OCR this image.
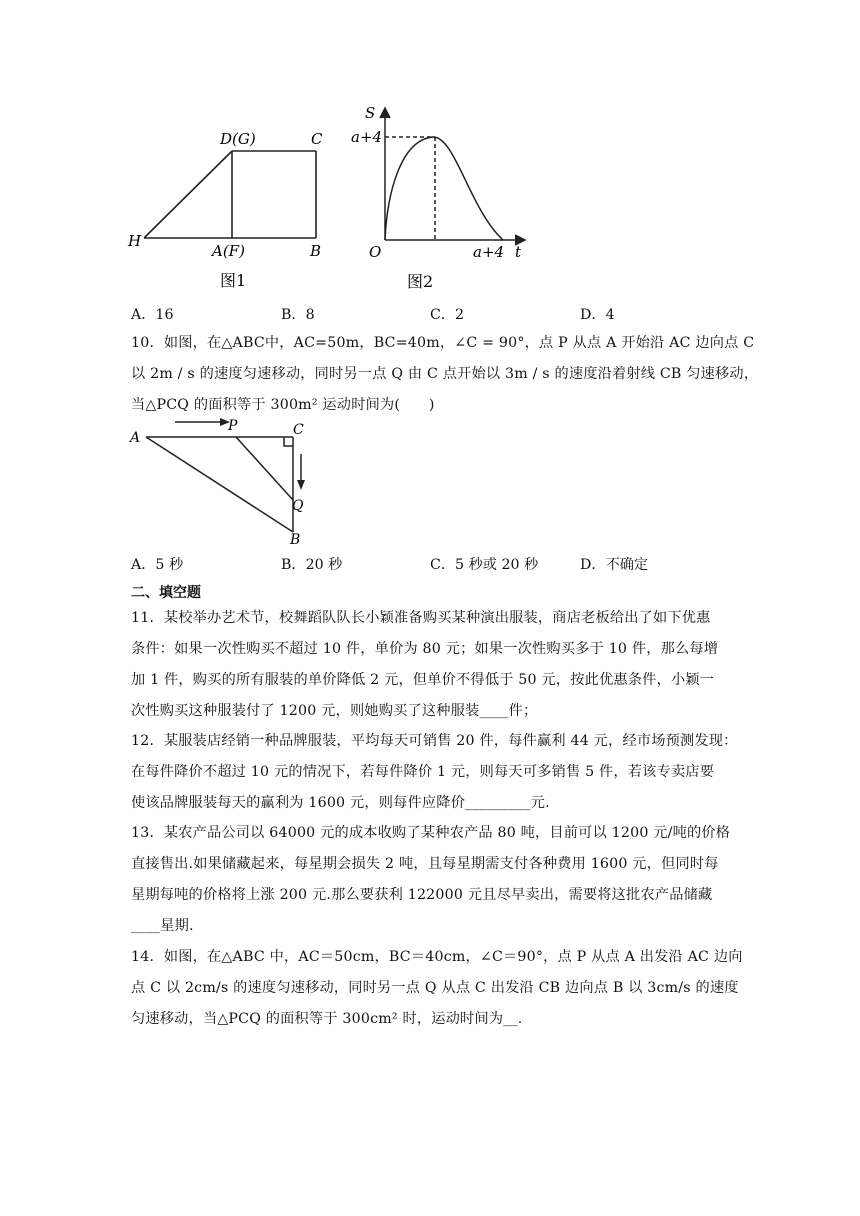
D(G)	C
H
A(F)	B
图1
S
a+4
O	a+4 t
图2
A．16	B．8	C．2	D．4
10．如图，在△ABC中，AC=50m，BC=40m，∠C = 90°，点 P 从点 A 开始沿 AC 边向点 C
以 2m / s 的速度匀速移动，同时另一点 Q 由 C 点开始以 3m / s 的速度沿着射线 CB 匀速移动，
当△PCQ 的面积等于 300m² 运动时间为(　　)
A
P	C
Q
B
A．5 秒	B．20 秒	C．5 秒或 20 秒	D．不确定
二、填空题
11．某校举办艺术节，校舞蹈队队长小颖准备购买某种演出服装，商店老板给出了如下优惠
条件：如果一次性购买不超过 10 件，单价为 80 元；如果一次性购买多于 10 件，那么每增
加 1 件，购买的所有服装的单价降低 2 元，但单价不得低于 50 元，按此优惠条件，小颖一
次性购买这种服装付了 1200 元，则她购买了这种服装____件；
12．某服装店经销一种品牌服装，平均每天可销售 20 件，每件赢利 44 元，经市场预测发现：
在每件降价不超过 10 元的情况下，若每件降价 1 元，则每天可多销售 5 件，若该专卖店要
使该品牌服装每天的赢利为 1600 元，则每件应降价_________元.
13．某农产品公司以 64000 元的成本收购了某种农产品 80 吨，目前可以 1200 元/吨的价格
直接售出.如果储藏起来，每星期会损失 2 吨，且每星期需支付各种费用 1600 元，但同时每
星期每吨的价格将上涨 200 元.那么要获利 122000 元且尽早卖出，需要将这批农产品储藏
____星期.
14．如图，在△ABC 中，AC＝50cm，BC＝40cm，∠C＝90°，点 P 从点 A 出发沿 AC 边向
点 C 以 2cm/s 的速度匀速移动，同时另一点 Q 从点 C 出发沿 CB 边向点 B 以 3cm/s 的速度
匀速移动，当△PCQ 的面积等于 300cm² 时，运动时间为__.
